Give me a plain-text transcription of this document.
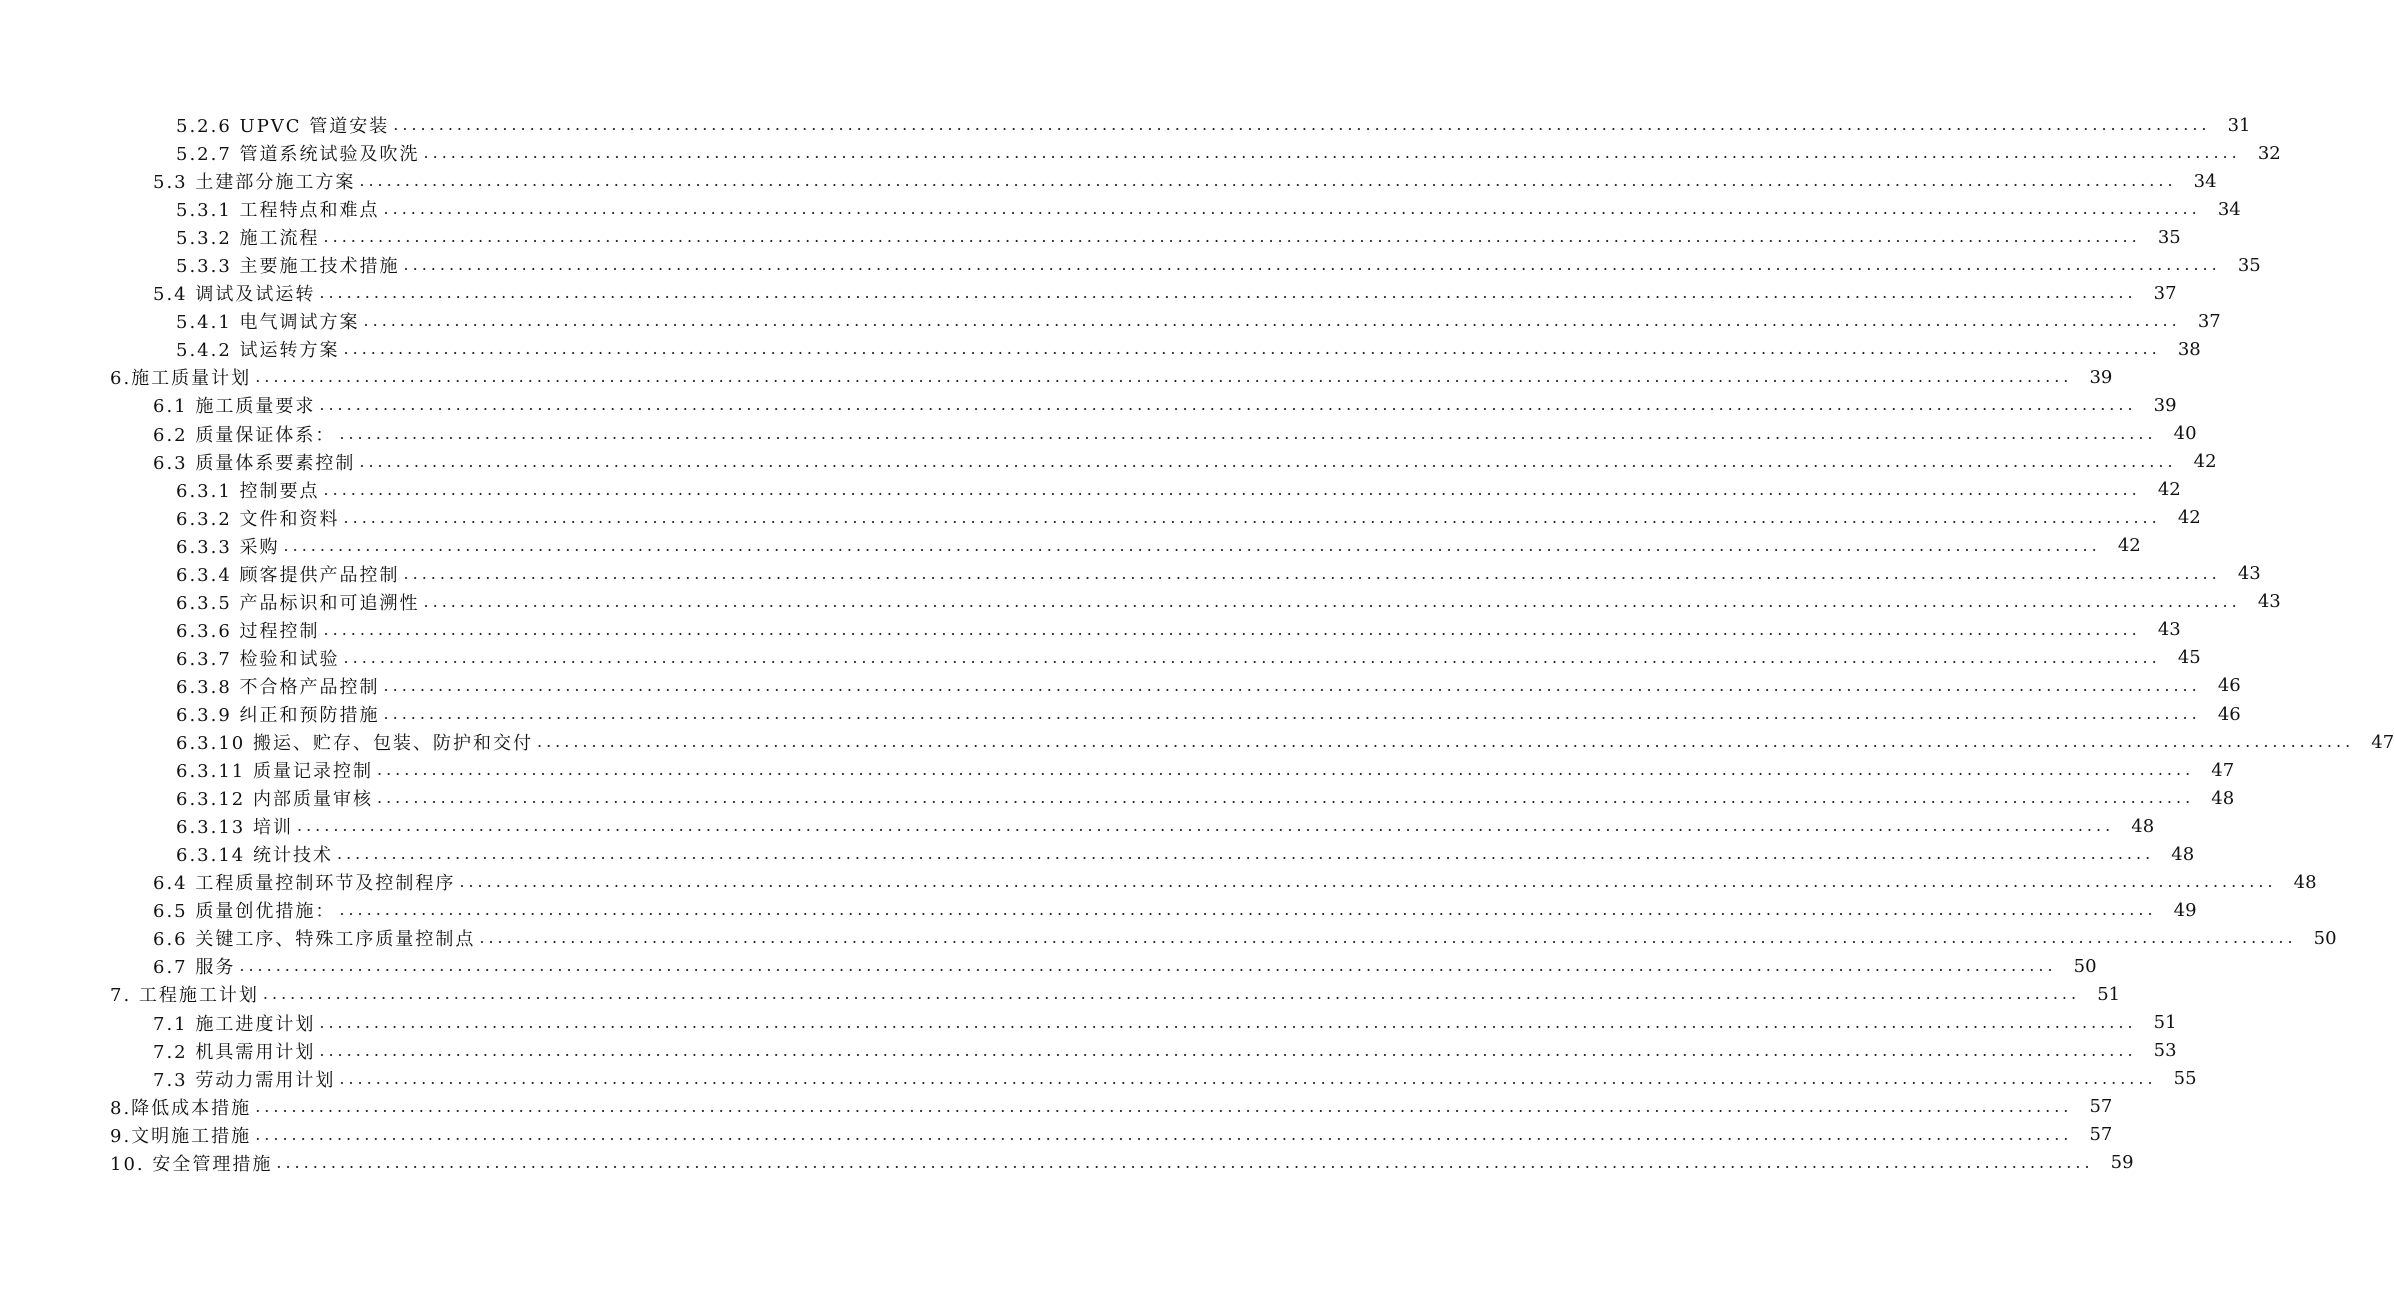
5.2.6 UPVC 管道安装 ........................................................................................................................................................................................................ 31
5.2.7 管道系统试验及吹洗 ........................................................................................................................................................................................................ 32
5.3 土建部分施工方案 ........................................................................................................................................................................................................ 34
5.3.1 工程特点和难点 ........................................................................................................................................................................................................ 34
5.3.2 施工流程 ........................................................................................................................................................................................................ 35
5.3.3 主要施工技术措施 ........................................................................................................................................................................................................ 35
5.4 调试及试运转 ........................................................................................................................................................................................................ 37
5.4.1 电气调试方案 ........................................................................................................................................................................................................ 37
5.4.2 试运转方案 ........................................................................................................................................................................................................ 38
6.施工质量计划 ........................................................................................................................................................................................................ 39
6.1 施工质量要求 ........................................................................................................................................................................................................ 39
6.2 质量保证体系： ........................................................................................................................................................................................................ 40
6.3 质量体系要素控制 ........................................................................................................................................................................................................ 42
6.3.1 控制要点 ........................................................................................................................................................................................................ 42
6.3.2 文件和资料 ........................................................................................................................................................................................................ 42
6.3.3 采购 ........................................................................................................................................................................................................ 42
6.3.4 顾客提供产品控制 ........................................................................................................................................................................................................ 43
6.3.5 产品标识和可追溯性 ........................................................................................................................................................................................................ 43
6.3.6 过程控制 ........................................................................................................................................................................................................ 43
6.3.7 检验和试验 ........................................................................................................................................................................................................ 45
6.3.8 不合格产品控制 ........................................................................................................................................................................................................ 46
6.3.9 纠正和预防措施 ........................................................................................................................................................................................................ 46
6.3.10 搬运、贮存、包装、防护和交付 ........................................................................................................................................................................................................ 47
6.3.11 质量记录控制 ........................................................................................................................................................................................................ 47
6.3.12 内部质量审核 ........................................................................................................................................................................................................ 48
6.3.13 培训 ........................................................................................................................................................................................................ 48
6.3.14 统计技术 ........................................................................................................................................................................................................ 48
6.4 工程质量控制环节及控制程序 ........................................................................................................................................................................................................ 48
6.5 质量创优措施： ........................................................................................................................................................................................................ 49
6.6 关键工序、特殊工序质量控制点 ........................................................................................................................................................................................................ 50
6.7 服务 ........................................................................................................................................................................................................ 50
7. 工程施工计划 ........................................................................................................................................................................................................ 51
7.1 施工进度计划 ........................................................................................................................................................................................................ 51
7.2 机具需用计划 ........................................................................................................................................................................................................ 53
7.3 劳动力需用计划 ........................................................................................................................................................................................................ 55
8.降低成本措施 ........................................................................................................................................................................................................ 57
9.文明施工措施 ........................................................................................................................................................................................................ 57
10. 安全管理措施 ........................................................................................................................................................................................................ 59
